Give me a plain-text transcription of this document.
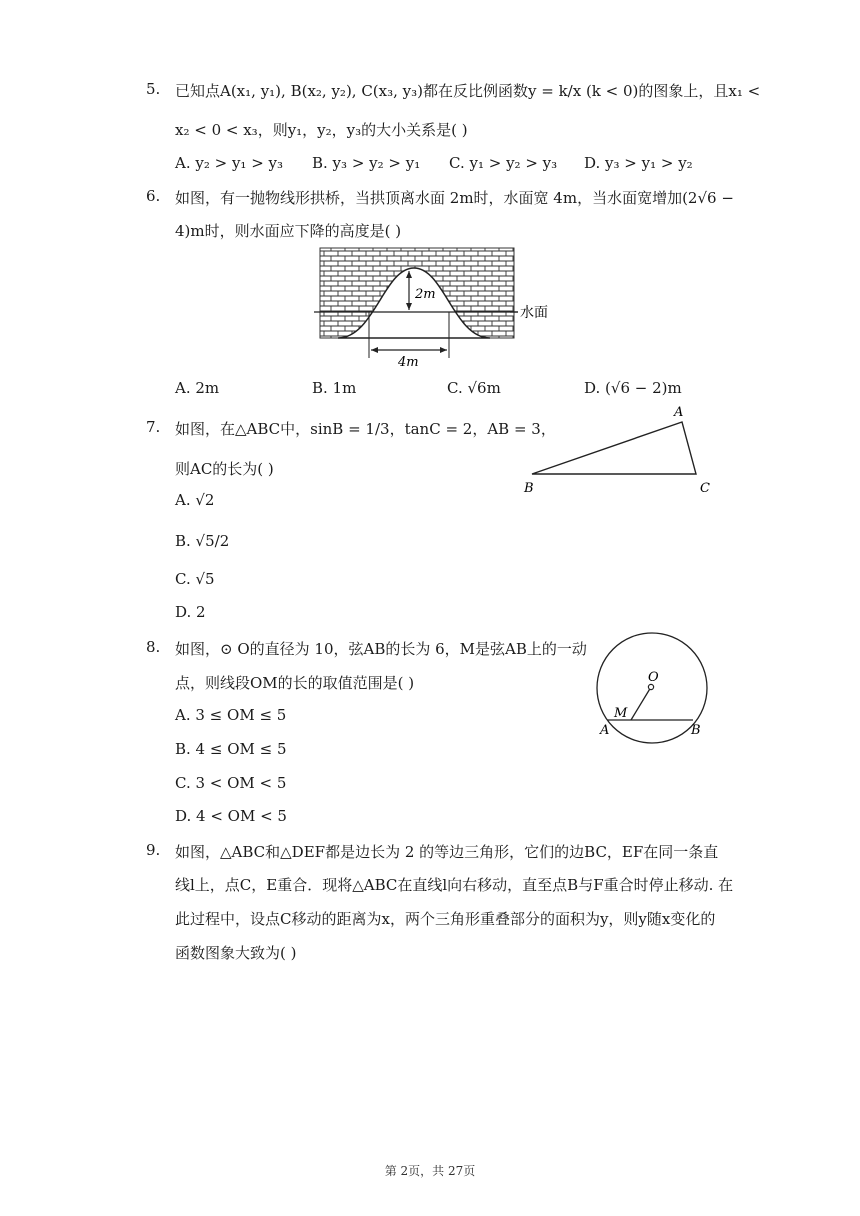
5. 已知点A(x₁, y₁), B(x₂, y₂), C(x₃, y₃)都在反比例函数y = k/x (k < 0)的图象上，且x₁ <
x₂ < 0 < x₃，则y₁，y₂，y₃的大小关系是( )
A. y₂ > y₁ > y₃ B. y₃ > y₂ > y₁ C. y₁ > y₂ > y₃ D. y₃ > y₁ > y₂
6. 如图，有一抛物线形拱桥，当拱顶离水面 2m时，水面宽 4m，当水面宽增加(2√6 −
4)m时，则水面应下降的高度是( )
2m
4m
水面
A. 2m	B. 1m	C. √6m	D. (√6 − 2)m
7. 如图，在△ABC中，sinB = 1/3，tanC = 2，AB = 3，
则AC的长为( )
A
B	C
A. √2
B. √5/2
C. √5
D. 2
8. 如图，⊙ O的直径为 10，弦AB的长为 6，M是弦AB上的一动
点，则线段OM的长的取值范围是( )	O
M
A	B
A. 3 ≤ OM ≤ 5
B. 4 ≤ OM ≤ 5
C. 3 < OM < 5
D. 4 < OM < 5
9. 如图，△ABC和△DEF都是边长为 2 的等边三角形，它们的边BC，EF在同一条直
线l上，点C，E重合．现将△ABC在直线l向右移动，直至点B与F重合时停止移动. 在
此过程中，设点C移动的距离为x，两个三角形重叠部分的面积为y，则y随x变化的
函数图象大致为( )
第 2页，共 27页
